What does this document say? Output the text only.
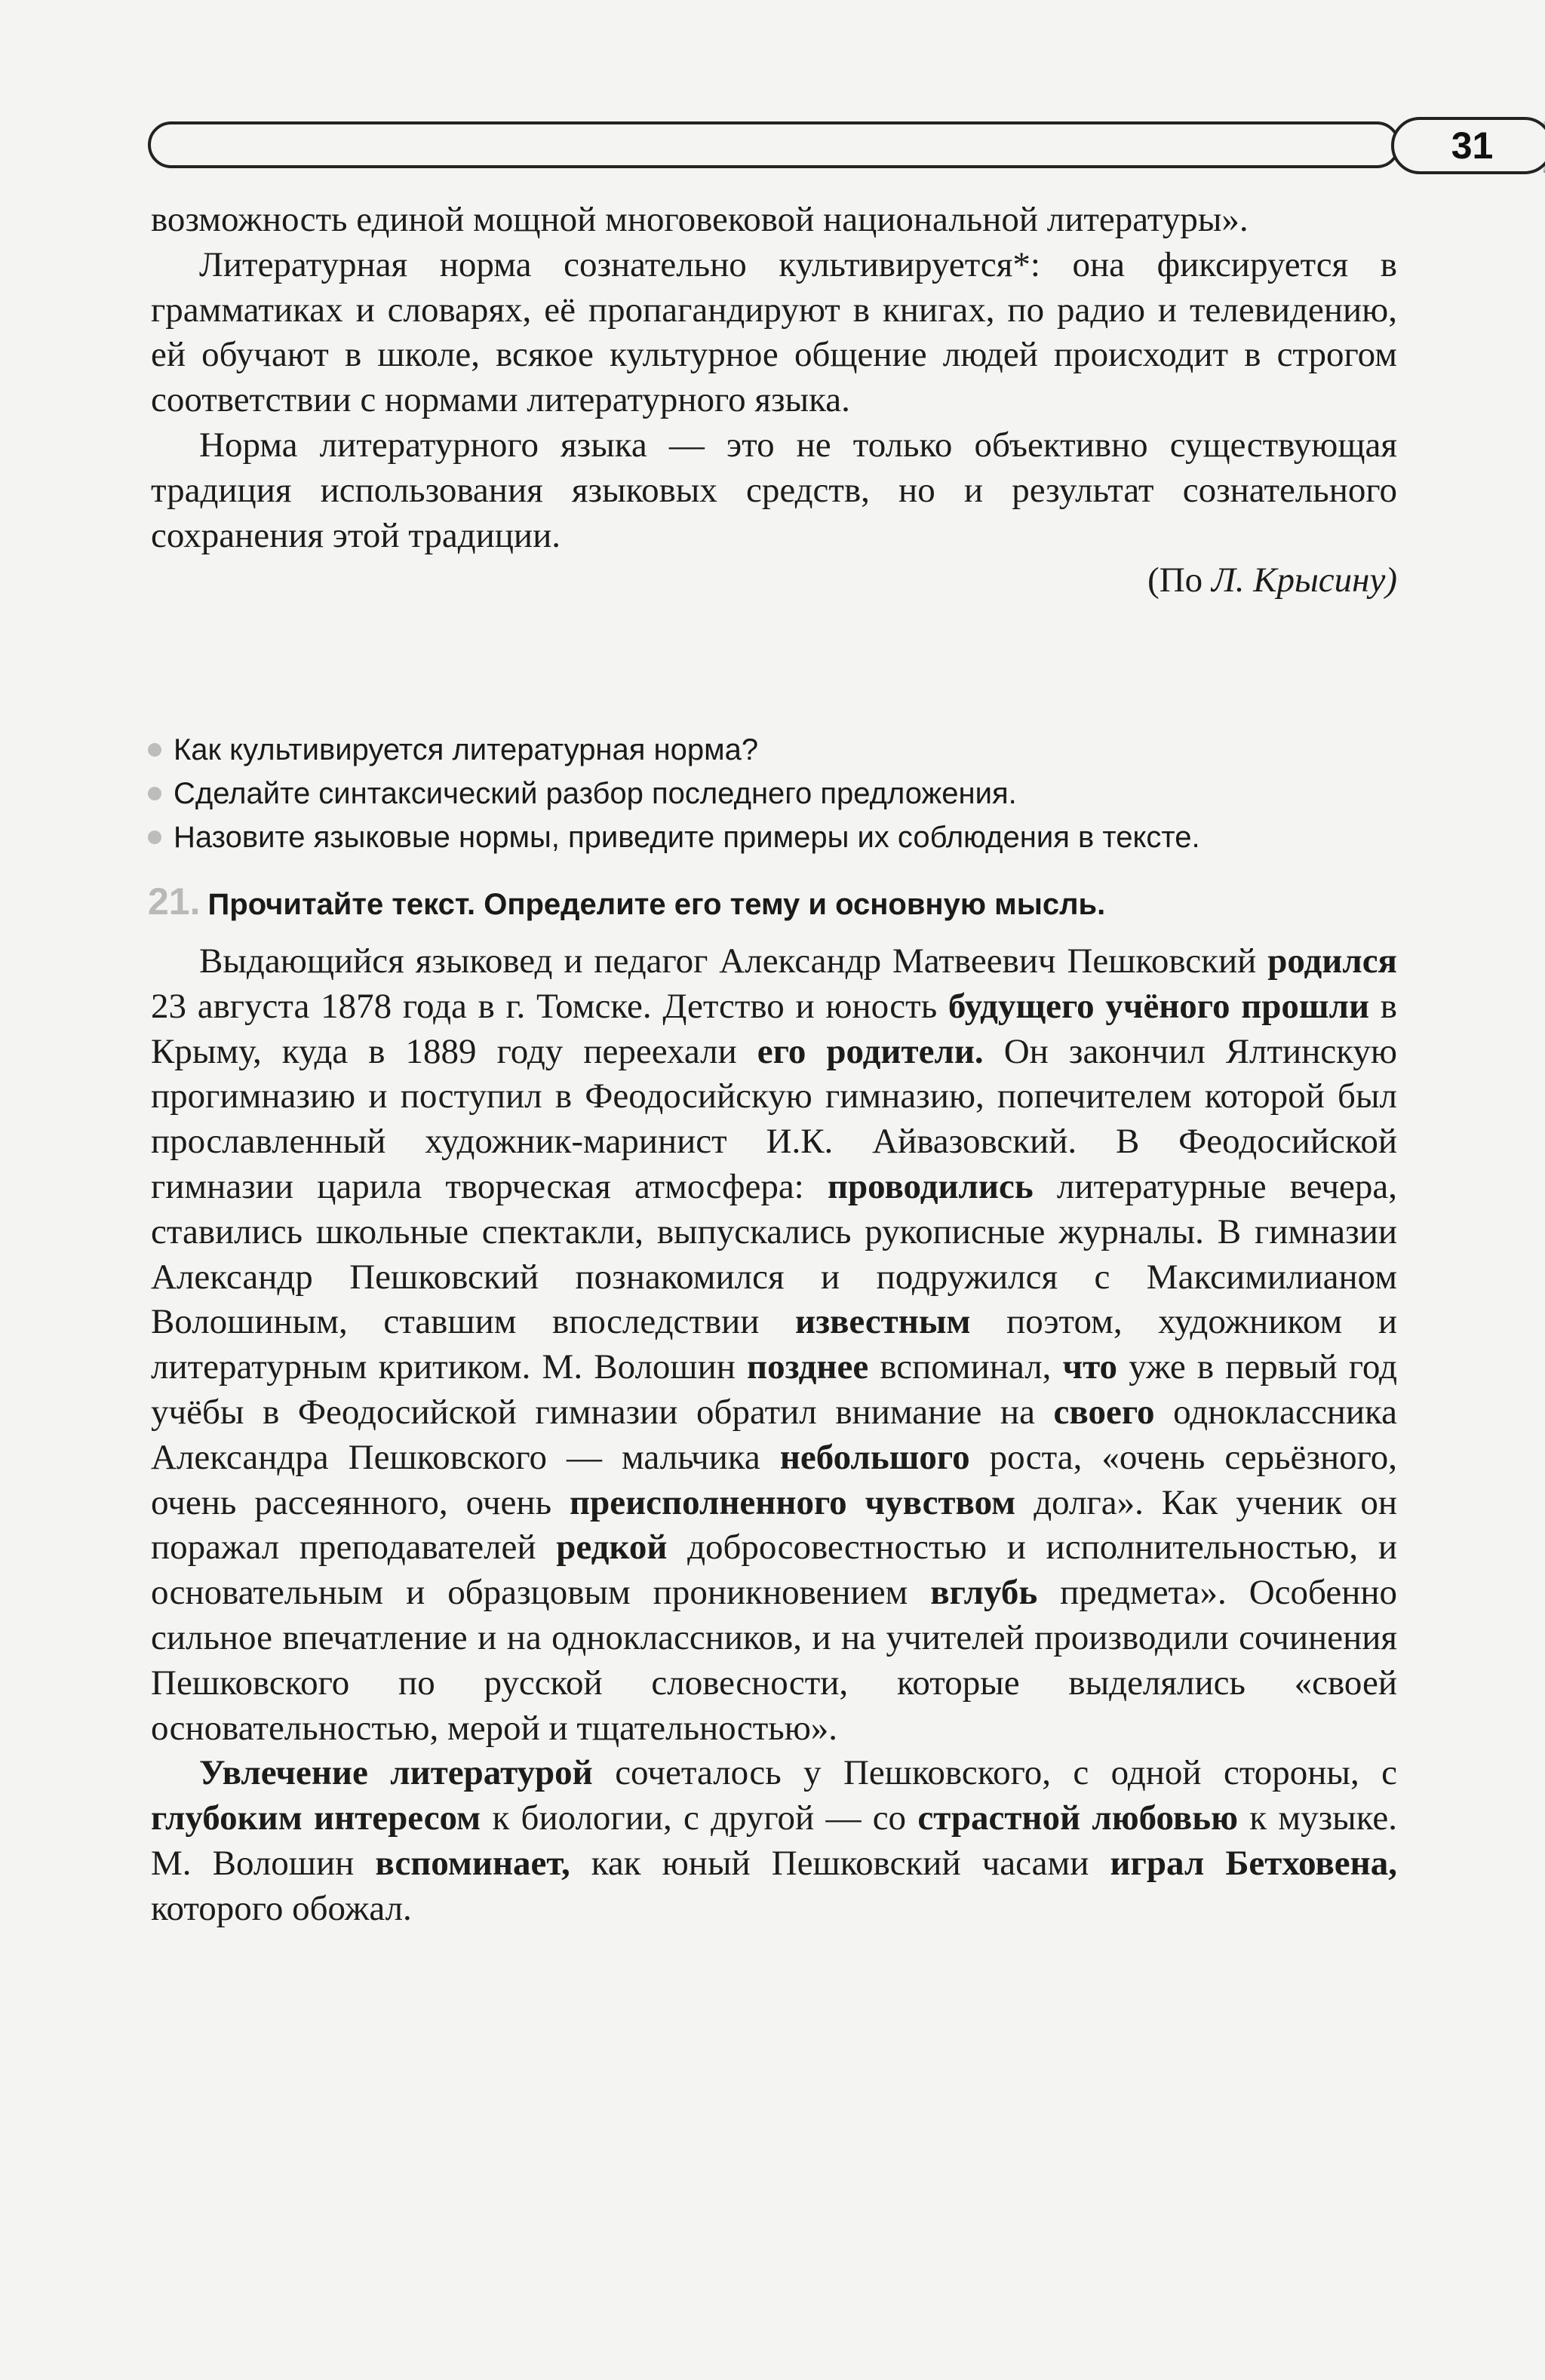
31

возможность единой мощной многовековой национальной литературы».

Литературная норма сознательно культивируется*: она фиксируется в грамматиках и словарях, её пропагандируют в книгах, по радио и телевидению, ей обучают в школе, всякое культурное общение людей происходит в строгом соответствии с нормами литературного языка.

Норма литературного языка — это не только объективно существующая традиция использования языковых средств, но и результат сознательного сохранения этой традиции.

(По Л. Крысину)

Как культивируется литературная норма?
Сделайте синтаксический разбор последнего предложения.
Назовите языковые нормы, приведите примеры их соблюдения в тексте.
21. Прочитайте текст. Определите его тему и основную мысль.

Выдающийся языковед и педагог Александр Матвеевич Пешковский родился 23 августа 1878 года в г. Томске. Детство и юность будущего учёного прошли в Крыму, куда в 1889 году переехали его родители. Он закончил Ялтинскую прогимназию и поступил в Феодосийскую гимназию, попечителем которой был прославленный художник-маринист И.К. Айвазовский. В Феодосийской гимназии царила творческая атмосфера: проводились литературные вечера, ставились школьные спектакли, выпускались рукописные журналы. В гимназии Александр Пешковский познакомился и подружился с Максимилианом Волошиным, ставшим впоследствии известным поэтом, художником и литературным критиком. М. Волошин позднее вспоминал, что уже в первый год учёбы в Феодосийской гимназии обратил внимание на своего одноклассника Александра Пешковского — мальчика небольшого роста, «очень серьёзного, очень рассеянного, очень преисполненного чувством долга». Как ученик он поражал преподавателей редкой добросовестностью и исполнительностью, и основательным и образцовым проникновением вглубь предмета». Особенно сильное впечатление и на одноклассников, и на учителей производили сочинения Пешковского по русской словесности, которые выделялись «своей основательностью, мерой и тщательностью».

Увлечение литературой сочеталось у Пешковского, с одной стороны, с глубоким интересом к биологии, с другой — со страстной любовью к музыке. М. Волошин вспоминает, как юный Пешковский часами играл Бетховена, которого обожал.
